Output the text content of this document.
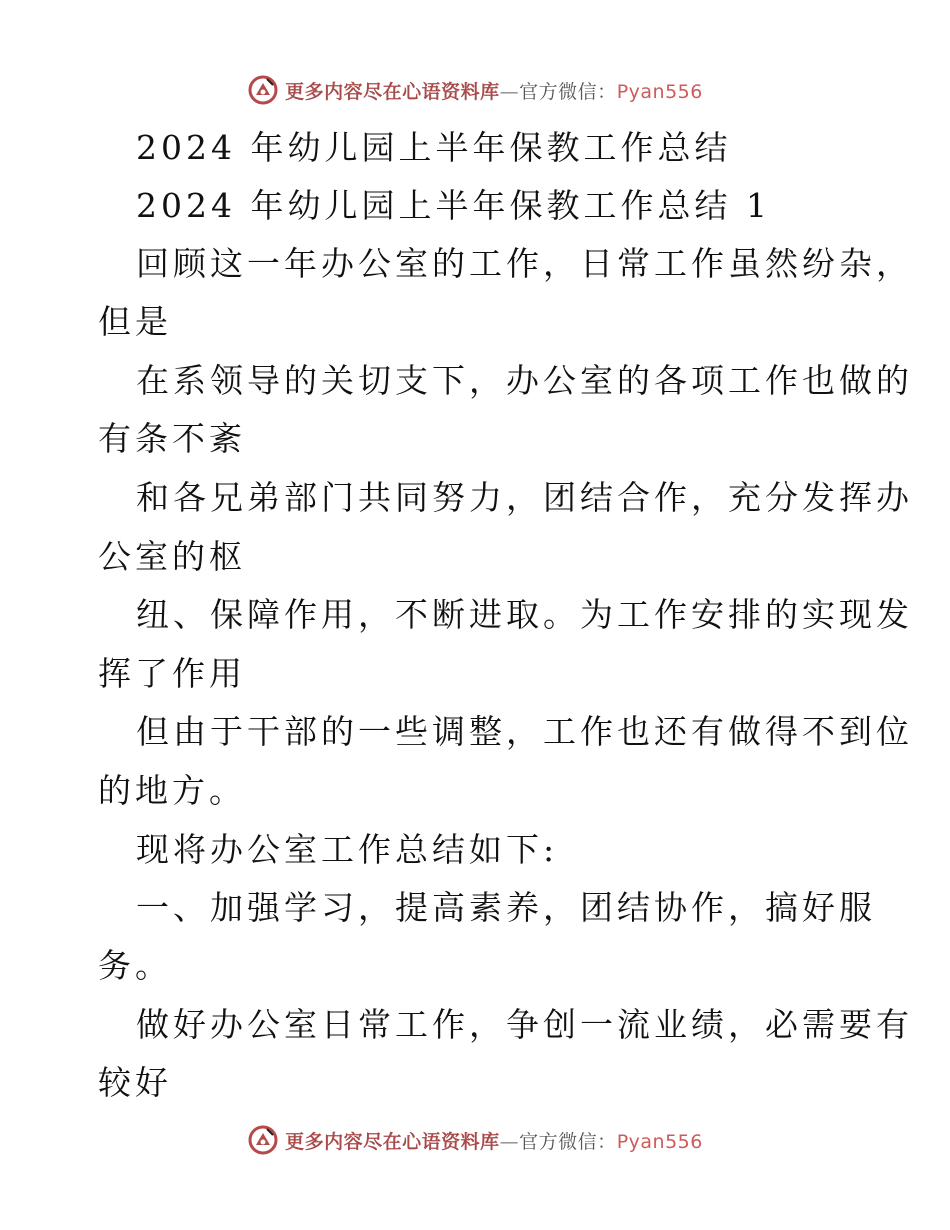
更多内容尽在心语资料库—官方微信：Pyan556
2024 年幼儿园上半年保教工作总结
2024 年幼儿园上半年保教工作总结 1
回顾这一年办公室的工作，日常工作虽然纷杂，
但是
在系领导的关切支下，办公室的各项工作也做的
有条不紊
和各兄弟部门共同努力，团结合作，充分发挥办
公室的枢
纽、保障作用，不断进取。为工作安排的实现发
挥了作用
但由于干部的一些调整，工作也还有做得不到位
的地方。
现将办公室工作总结如下:
一、加强学习，提高素养，团结协作，搞好服
务。
做好办公室日常工作，争创一流业绩，必需要有
较好
更多内容尽在心语资料库—官方微信：Pyan556
